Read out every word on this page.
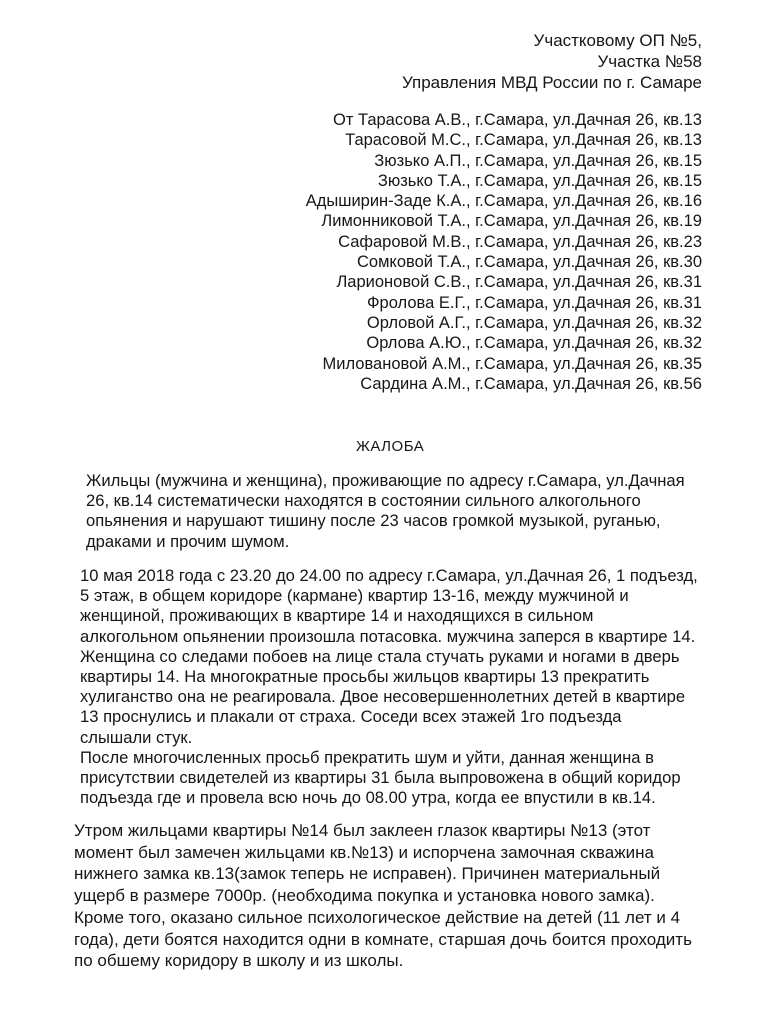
Участковому ОП №5,
Участка №58
Управления МВД России по г. Самаре
От Тарасова А.В., г.Самара, ул.Дачная 26, кв.13
Тарасовой М.С., г.Самара, ул.Дачная 26, кв.13
Зюзько А.П., г.Самара, ул.Дачная 26, кв.15
Зюзько Т.А., г.Самара, ул.Дачная 26, кв.15
Адыширин-Заде К.А., г.Самара, ул.Дачная 26, кв.16
Лимонниковой Т.А., г.Самара, ул.Дачная 26, кв.19
Сафаровой М.В., г.Самара, ул.Дачная 26, кв.23
Сомковой Т.А., г.Самара, ул.Дачная 26, кв.30
Ларионовой С.В., г.Самара, ул.Дачная 26, кв.31
Фролова Е.Г., г.Самара, ул.Дачная 26, кв.31
Орловой А.Г., г.Самара, ул.Дачная 26, кв.32
Орлова А.Ю., г.Самара, ул.Дачная 26, кв.32
Миловановой А.М., г.Самара, ул.Дачная 26, кв.35
Сардина А.М., г.Самара, ул.Дачная 26, кв.56
ЖАЛОБА
Жильцы (мужчина и женщина), проживающие по адресу г.Самара, ул.Дачная
26, кв.14 систематически находятся в состоянии сильного алкогольного
опьянения и нарушают тишину после 23 часов громкой музыкой, руганью,
драками и прочим шумом.
10 мая 2018 года с 23.20 до 24.00 по адресу г.Самара, ул.Дачная 26, 1 подъезд,
5 этаж, в общем коридоре (кармане) квартир 13-16, между мужчиной и
женщиной, проживающих в квартире 14 и находящихся в сильном
алкогольном опьянении произошла потасовка. мужчина заперся в квартире 14.
Женщина со следами побоев на лице стала стучать руками и ногами в дверь
квартиры 14. На многократные просьбы жильцов квартиры 13 прекратить
хулиганство она не реагировала. Двое несовершеннолетних детей в квартире
13 проснулись и плакали от страха. Соседи всех этажей 1го подъезда
слышали стук.
После многочисленных просьб прекратить шум и уйти, данная женщина в
присутствии свидетелей из квартиры 31 была выпровожена в общий коридор
подъезда где и провела всю ночь до 08.00 утра, когда ее впустили в кв.14.
Утром жильцами квартиры №14 был заклеен глазок квартиры №13 (этот
момент был замечен жильцами кв.№13) и испорчена замочная скважина
нижнего замка кв.13(замок теперь не исправен). Причинен материальный
ущерб в размере 7000р. (необходима покупка и установка нового замка).
Кроме того, оказано сильное психологическое действие на детей (11 лет и 4
года), дети боятся находится одни в комнате, старшая дочь боится проходить
по обшему коридору в школу и из школы.
